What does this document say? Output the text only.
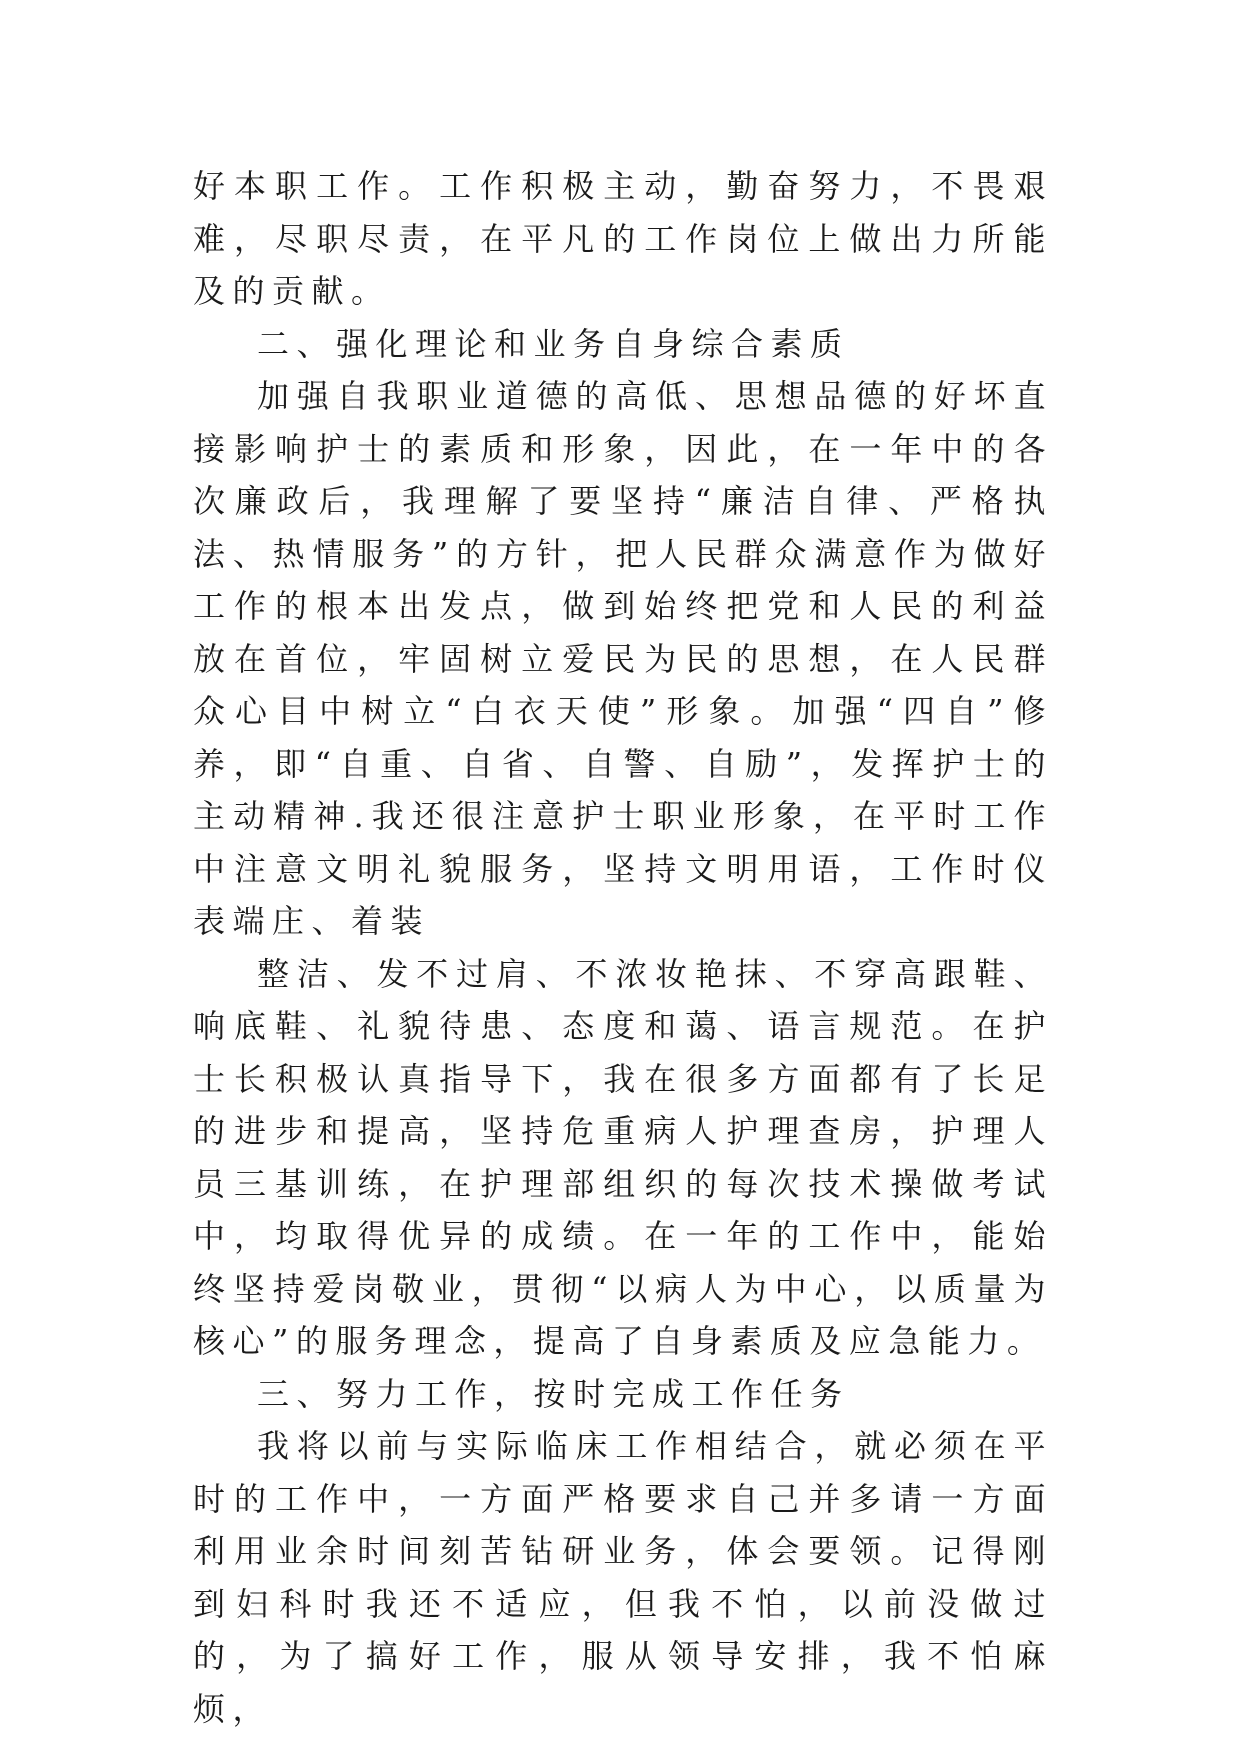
好本职工作。工作积极主动，勤奋努力，不畏艰难，尽职尽责，在平凡的工作岗位上做出力所能及的贡献。

二、强化理论和业务自身综合素质

加强自我职业道德的高低、思想品德的好坏直接影响护士的素质和形象，因此，在一年中的各次廉政后，我理解了要坚持“廉洁自律、严格执法、热情服务”的方针，把人民群众满意作为做好工作的根本出发点，做到始终把党和人民的利益放在首位，牢固树立爱民为民的思想，在人民群众心目中树立“白衣天使”形象。加强“四自”修养，即“自重、自省、自警、自励”，发挥护士的主动精神.我还很注意护士职业形象，在平时工作中注意文明礼貌服务，坚持文明用语，工作时仪表端庄、着装

整洁、发不过肩、不浓妆艳抹、不穿高跟鞋、响底鞋、礼貌待患、态度和蔼、语言规范。在护士长积极认真指导下，我在很多方面都有了长足的进步和提高，坚持危重病人护理查房，护理人员三基训练，在护理部组织的每次技术操做考试中，均取得优异的成绩。在一年的工作中，能始终坚持爱岗敬业，贯彻“以病人为中心，以质量为核心”的服务理念，提高了自身素质及应急能力。

三、努力工作，按时完成工作任务

我将以前与实际临床工作相结合，就必须在平时的工作中，一方面严格要求自己并多请一方面利用业余时间刻苦钻研业务，体会要领。记得刚到妇科时我还不适应，但我不怕，以前没做过的，为了搞好工作，服从领导安排，我不怕麻烦，
